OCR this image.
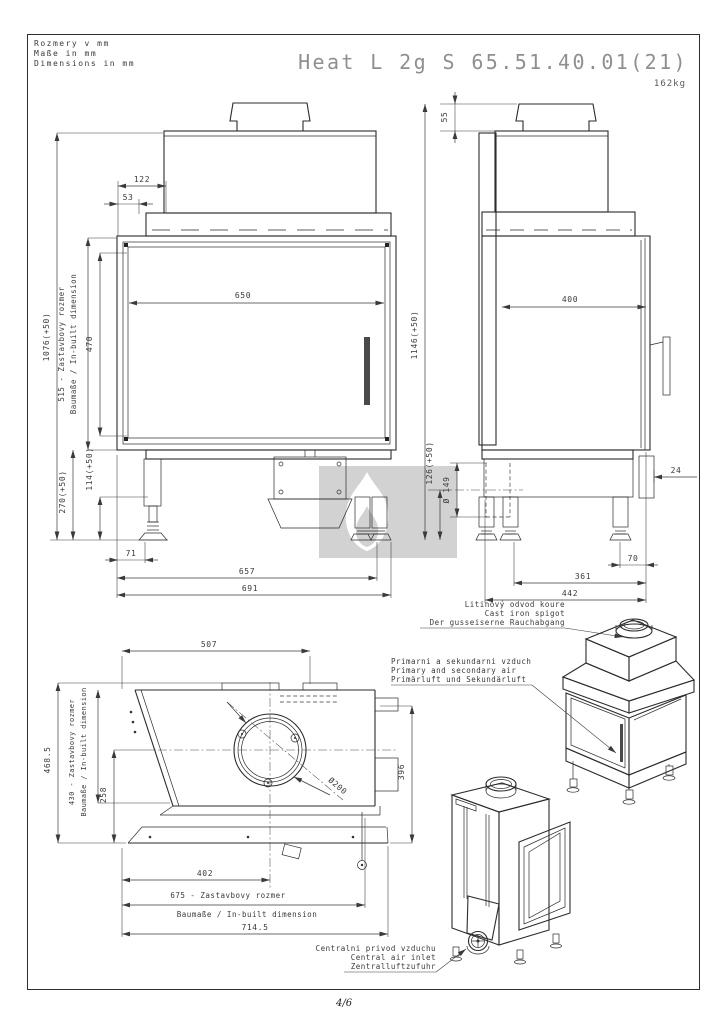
Rozmery v mm
Maße in mm
Dimensions in mm	Heat L 2g S 65.51.40.01(21)
162kg
122
53
650
470
1076(+50) 515 - Zastavbovy rozmer Baumaße / In-built dimension
270(+50)
114(+50)
71
657
691
55
400
1146(+50)
126(+50)
Ø 149
24
70
361
442
507
468.5 430 - Zastavbovy rozmer Baumaße / In-built dimension 258	Ø200
396
402
675 - Zastavbovy rozmer
Baumaße / In-built dimension
714.5
Litinový odvod koure
Cast iron spigot
Der gusseiserne Rauchabgang
Primarni a sekundarni vzduch
Primary and secondary air
Primärluft und Sekundärluft
Centralni privod vzduchu
Central air inlet
Zentralluftzufuhr
4/6
